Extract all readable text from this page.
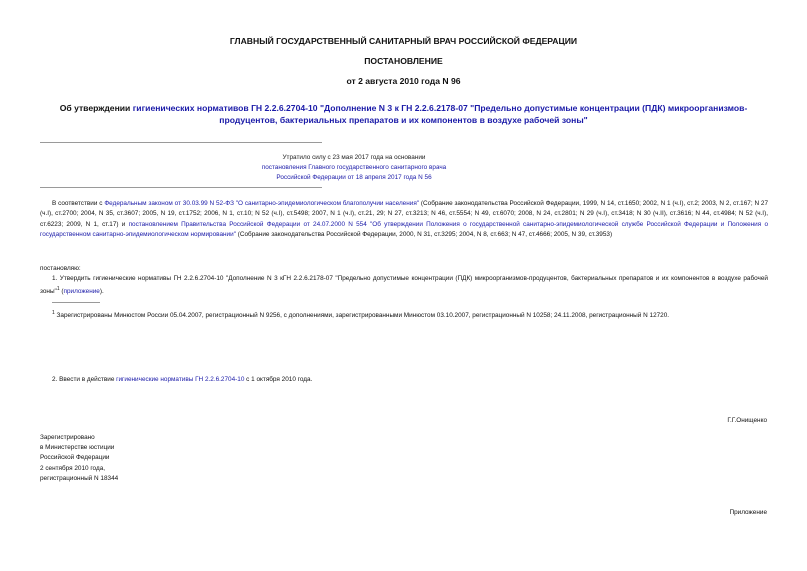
ГЛАВНЫЙ ГОСУДАРСТВЕННЫЙ САНИТАРНЫЙ ВРАЧ РОССИЙСКОЙ ФЕДЕРАЦИИ
ПОСТАНОВЛЕНИЕ
от 2 августа 2010 года N 96
Об утверждении гигиенических нормативов ГН 2.2.6.2704-10 "Дополнение N 3 к ГН 2.2.6.2178-07 "Предельно допустимые концентрации (ПДК) микроорганизмов-продуцентов, бактериальных препаратов и их компонентов в воздухе рабочей зоны"
Утратило силу с 23 мая 2017 года на основании
постановления Главного государственного санитарного врача
Российской Федерации от 18 апреля 2017 года N 56
В соответствии с Федеральным законом от 30.03.99 N 52-ФЗ "О санитарно-эпидемиологическом благополучии населения" (Собрание законодательства Российской Федерации, 1999, N 14, ст.1650; 2002, N 1 (ч.I), ст.2; 2003, N 2, ст.167; N 27 (ч.I), ст.2700; 2004, N 35, ст.3607; 2005, N 19, ст.1752; 2006, N 1, ст.10; N 52 (ч.I), ст.5498; 2007, N 1 (ч.I), ст.21, 29; N 27, ст.3213; N 46, ст.5554; N 49, ст.6070; 2008, N 24, ст.2801; N 29 (ч.I), ст.3418; N 30 (ч.II), ст.3616; N 44, ст.4984; N 52 (ч.I), ст.6223; 2009, N 1, ст.17) и постановлением Правительства Российской Федерации от 24.07.2000 N 554 "Об утверждении Положения о государственной санитарно-эпидемиологической службе Российской Федерации и Положения о государственном санитарно-эпидемиологическом нормировании" (Собрание законодательства Российской Федерации, 2000, N 31, ст.3295; 2004, N 8, ст.663; N 47, ст.4666; 2005, N 39, ст.3953)
постановляю:
1. Утвердить гигиенические нормативы ГН 2.2.6.2704-10 "Дополнение N 3 кГН 2.2.6.2178-07 "Предельно допустимые концентрации (ПДК) микроорганизмов-продуцентов, бактериальных препаратов и их компонентов в воздухе рабочей зоны"$^1$ (приложение).
$^1$ Зарегистрированы Минюстом России 05.04.2007, регистрационный N 9256, с дополнениями, зарегистрированными Минюстом 03.10.2007, регистрационный N 10258; 24.11.2008, регистрационный N 12720.
2. Ввести в действие гигиенические нормативы ГН 2.2.6.2704-10 с 1 октября 2010 года.
Г.Г.Онищенко
Зарегистрировано
в Министерстве юстиции
Российской Федерации
2 сентября 2010 года,
регистрационный N 18344
Приложение
